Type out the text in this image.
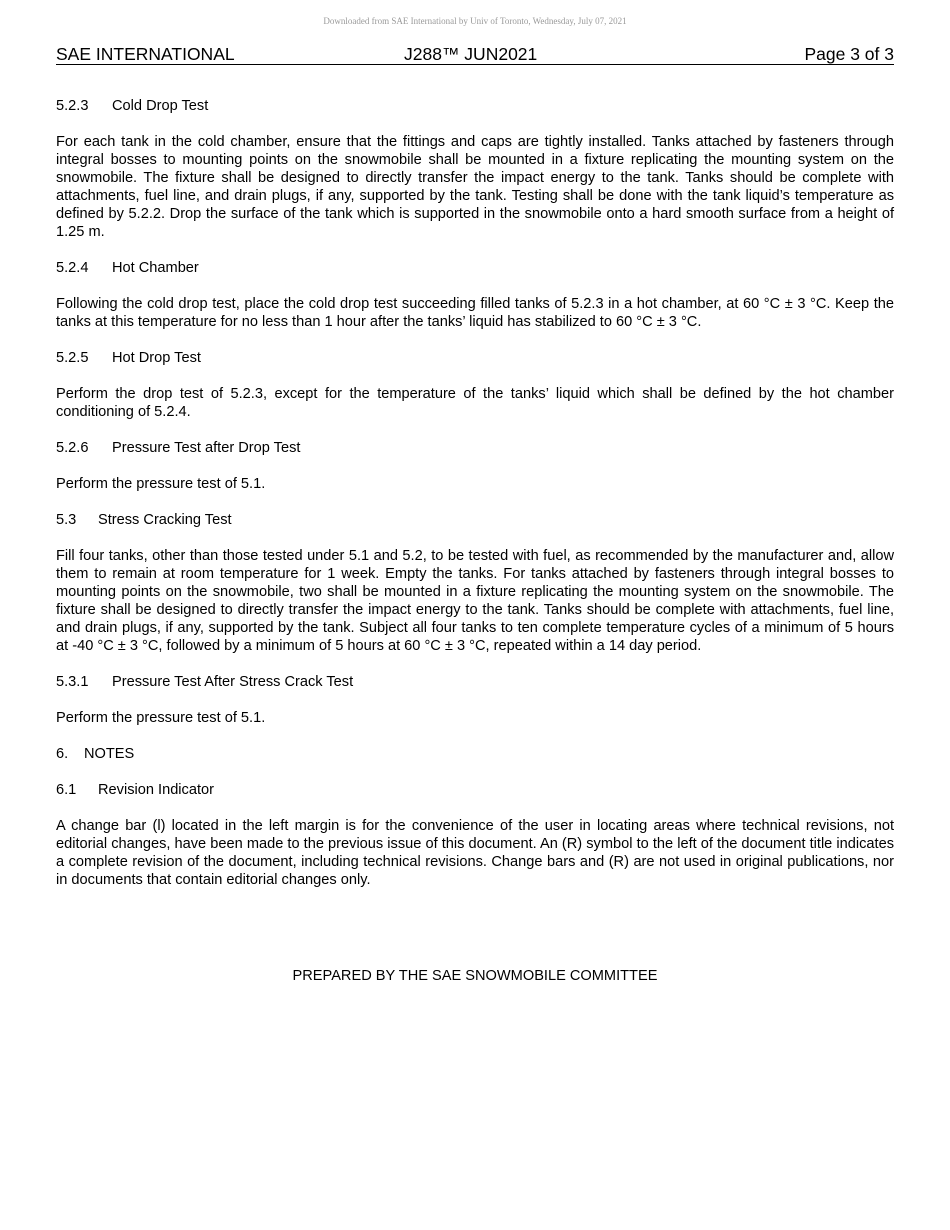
Downloaded from SAE International by Univ of Toronto, Wednesday, July 07, 2021
SAE INTERNATIONAL	J288™ JUN2021	Page 3 of 3
5.2.3 Cold Drop Test

For each tank in the cold chamber, ensure that the fittings and caps are tightly installed. Tanks attached by fasteners through integral bosses to mounting points on the snowmobile shall be mounted in a fixture replicating the mounting system on the snowmobile. The fixture shall be designed to directly transfer the impact energy to the tank. Tanks should be complete with attachments, fuel line, and drain plugs, if any, supported by the tank. Testing shall be done with the tank liquid’s temperature as defined by 5.2.2. Drop the surface of the tank which is supported in the snowmobile onto a hard smooth surface from a height of 1.25 m.

5.2.4 Hot Chamber

Following the cold drop test, place the cold drop test succeeding filled tanks of 5.2.3 in a hot chamber, at 60 °C ± 3 °C. Keep the tanks at this temperature for no less than 1 hour after the tanks’ liquid has stabilized to 60 °C ± 3 °C.

5.2.5 Hot Drop Test

Perform the drop test of 5.2.3, except for the temperature of the tanks’ liquid which shall be defined by the hot chamber conditioning of 5.2.4.

5.2.6 Pressure Test after Drop Test

Perform the pressure test of 5.1.

5.3 Stress Cracking Test

Fill four tanks, other than those tested under 5.1 and 5.2, to be tested with fuel, as recommended by the manufacturer and, allow them to remain at room temperature for 1 week. Empty the tanks. For tanks attached by fasteners through integral bosses to mounting points on the snowmobile, two shall be mounted in a fixture replicating the mounting system on the snowmobile. The fixture shall be designed to directly transfer the impact energy to the tank. Tanks should be complete with attachments, fuel line, and drain plugs, if any, supported by the tank. Subject all four tanks to ten complete temperature cycles of a minimum of 5 hours at -40 °C ± 3 °C, followed by a minimum of 5 hours at 60 °C ± 3 °C, repeated within a 14 day period.

5.3.1 Pressure Test After Stress Crack Test

Perform the pressure test of 5.1.

6. NOTES
6.1 Revision Indicator

A change bar (l) located in the left margin is for the convenience of the user in locating areas where technical revisions, not editorial changes, have been made to the previous issue of this document. An (R) symbol to the left of the document title indicates a complete revision of the document, including technical revisions. Change bars and (R) are not used in original publications, nor in documents that contain editorial changes only.

PREPARED BY THE SAE SNOWMOBILE COMMITTEE
